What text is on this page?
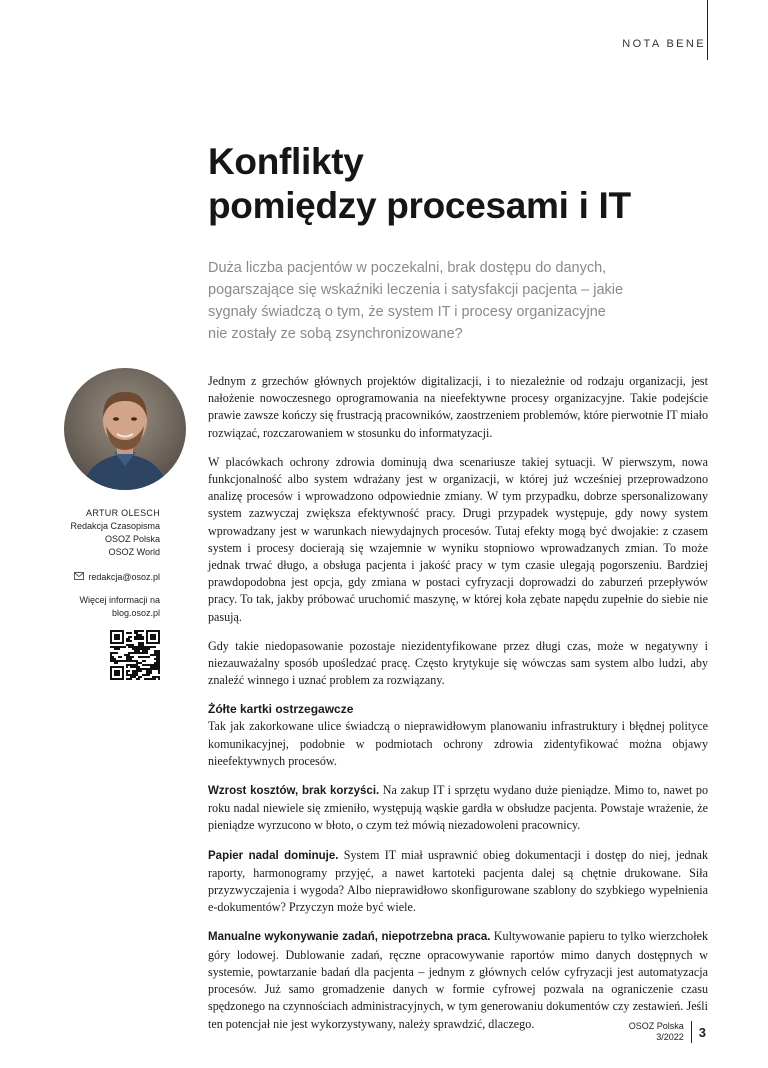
NOTA BENE
Konflikty
pomiędzy procesami i IT

Duża liczba pacjentów w poczekalni, brak dostępu do danych, pogarszające się wskaźniki leczenia i satysfakcji pacjenta – jakie sygnały świadczą o tym, że system IT i procesy organizacyjne nie zostały ze sobą zsynchronizowane?

ARTUR OLESCH
Redakcja Czasopisma
OSOZ Polska
OSOZ World
redakcja@osoz.pl
Więcej informacji na
blog.osoz.pl

Jednym z grzechów głównych projektów digitalizacji, i to niezależnie od rodzaju organizacji, jest nałożenie nowoczesnego oprogramowania na nieefektywne procesy organizacyjne. Takie podejście prawie zawsze kończy się frustracją pracowników, zaostrzeniem problemów, które pierwotnie IT miało rozwiązać, rozczarowaniem w stosunku do informatyzacji.

W placówkach ochrony zdrowia dominują dwa scenariusze takiej sytuacji. W pierwszym, nowa funkcjonalność albo system wdrażany jest w organizacji, w której już wcześniej przeprowadzono analizę procesów i wprowadzono odpowiednie zmiany. W tym przypadku, dobrze spersonalizowany system zazwyczaj zwiększa efektywność pracy. Drugi przypadek występuje, gdy nowy system wprowadzany jest w warunkach niewydajnych procesów. Tutaj efekty mogą być dwojakie: z czasem system i procesy docierają się wzajemnie w wyniku stopniowo wprowadzanych zmian. To może jednak trwać długo, a obsługa pacjenta i jakość pracy w tym czasie ulegają pogorszeniu. Bardziej prawdopodobna jest opcja, gdy zmiana w postaci cyfryzacji doprowadzi do zaburzeń przepływów pracy. To tak, jakby próbować uruchomić maszynę, w której koła zębate napędu zupełnie do siebie nie pasują.

Gdy takie niedopasowanie pozostaje niezidentyfikowane przez długi czas, może w negatywny i niezauważalny sposób upośledzać pracę. Często krytykuje się wówczas sam system albo ludzi, aby znaleźć winnego i uznać problem za rozwiązany.

Żółte kartki ostrzegawcze

Tak jak zakorkowane ulice świadczą o nieprawidłowym planowaniu infrastruktury i błędnej polityce komunikacyjnej, podobnie w podmiotach ochrony zdrowia zidentyfikować można objawy nieefektywnych procesów.

Wzrost kosztów, brak korzyści. Na zakup IT i sprzętu wydano duże pieniądze. Mimo to, nawet po roku nadal niewiele się zmieniło, występują wąskie gardła w obsłudze pacjenta. Powstaje wrażenie, że pieniądze wyrzucono w błoto, o czym też mówią niezadowoleni pracownicy.

Papier nadal dominuje. System IT miał usprawnić obieg dokumentacji i dostęp do niej, jednak raporty, harmonogramy przyjęć, a nawet kartoteki pacjenta dalej są chętnie drukowane. Siła przyzwyczajenia i wygoda? Albo nieprawidłowo skonfigurowane szablony do szybkiego wypełnienia e-dokumentów? Przyczyn może być wiele.

Manualne wykonywanie zadań, niepotrzebna praca. Kultywowanie papieru to tylko wierzchołek góry lodowej. Dublowanie zadań, ręczne opracowywanie raportów mimo danych dostępnych w systemie, powtarzanie badań dla pacjenta – jednym z głównych celów cyfryzacji jest automatyzacja procesów. Już samo gromadzenie danych w formie cyfrowej pozwala na ograniczenie czasu spędzonego na czynnościach administracyjnych, w tym generowaniu dokumentów czy zestawień. Jeśli ten potencjał nie jest wykorzystywany, należy sprawdzić, dlaczego.	OSOZ Polska
3/2022	3
